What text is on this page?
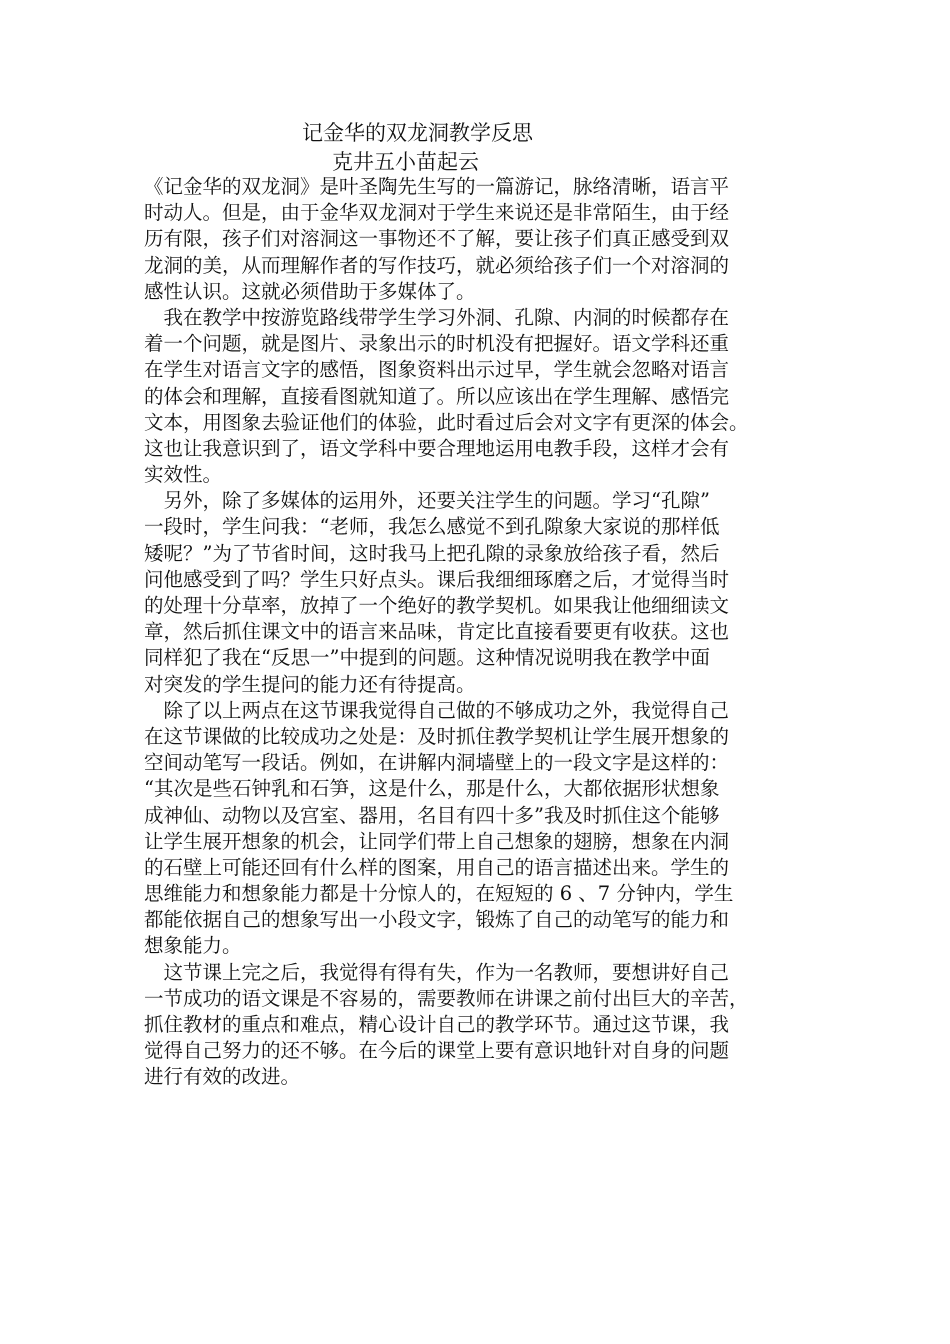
记金华的双龙洞教学反思
克井五小苗起云
《记金华的双龙洞》是叶圣陶先生写的一篇游记，脉络清晰，语言平
时动人。但是，由于金华双龙洞对于学生来说还是非常陌生，由于经
历有限，孩子们对溶洞这一事物还不了解，要让孩子们真正感受到双
龙洞的美，从而理解作者的写作技巧，就必须给孩子们一个对溶洞的
感性认识。这就必须借助于多媒体了。
　我在教学中按游览路线带学生学习外洞、孔隙、内洞的时候都存在
着一个问题，就是图片、录象出示的时机没有把握好。语文学科还重
在学生对语言文字的感悟，图象资料出示过早，学生就会忽略对语言
的体会和理解，直接看图就知道了。所以应该出在学生理解、感悟完
文本，用图象去验证他们的体验，此时看过后会对文字有更深的体会。
这也让我意识到了，语文学科中要合理地运用电教手段，这样才会有
实效性。
　另外，除了多媒体的运用外，还要关注学生的问题。学习“孔隙”
一段时，学生问我：“老师，我怎么感觉不到孔隙象大家说的那样低
矮呢？”为了节省时间，这时我马上把孔隙的录象放给孩子看，然后
问他感受到了吗？学生只好点头。课后我细细琢磨之后，才觉得当时
的处理十分草率，放掉了一个绝好的教学契机。如果我让他细细读文
章，然后抓住课文中的语言来品味，肯定比直接看要更有收获。这也
同样犯了我在“反思一”中提到的问题。这种情况说明我在教学中面
对突发的学生提问的能力还有待提高。
　除了以上两点在这节课我觉得自己做的不够成功之外，我觉得自己
在这节课做的比较成功之处是：及时抓住教学契机让学生展开想象的
空间动笔写一段话。例如，在讲解内洞墙壁上的一段文字是这样的：
“其次是些石钟乳和石笋，这是什么，那是什么，大都依据形状想象
成神仙、动物以及宫室、器用，名目有四十多”我及时抓住这个能够
让学生展开想象的机会，让同学们带上自己想象的翅膀，想象在内洞
的石壁上可能还回有什么样的图案，用自己的语言描述出来。学生的
思维能力和想象能力都是十分惊人的，在短短的 6 、7 分钟内，学生
都能依据自己的想象写出一小段文字，锻炼了自己的动笔写的能力和
想象能力。
　这节课上完之后，我觉得有得有失，作为一名教师，要想讲好自己
一节成功的语文课是不容易的，需要教师在讲课之前付出巨大的辛苦，
抓住教材的重点和难点，精心设计自己的教学环节。通过这节课，我
觉得自己努力的还不够。在今后的课堂上要有意识地针对自身的问题
进行有效的改进。
